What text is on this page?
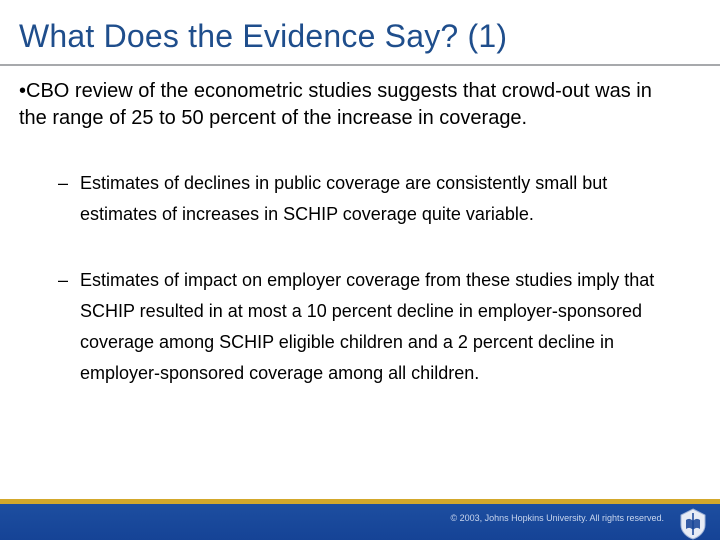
What Does the Evidence Say? (1)
•CBO review of the econometric studies suggests that crowd-out was in the range of 25 to 50 percent of the increase in coverage.
– Estimates of declines in public coverage are consistently small but estimates of increases in SCHIP coverage quite variable.
– Estimates of impact on employer coverage from these studies imply that SCHIP resulted in at most a 10 percent decline in employer-sponsored coverage among SCHIP eligible children and a 2 percent decline in employer-sponsored coverage among all children.
© 2003, Johns Hopkins University. All rights reserved.
